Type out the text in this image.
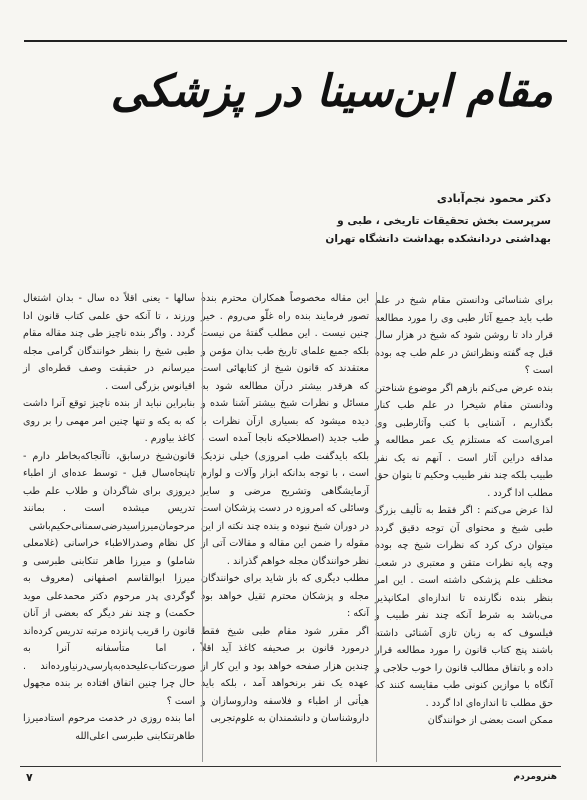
مقام ابن‌سینا در پزشکی
دکتر محمود نجم‌آبادی
سرپرست بخش تحقیقات تاریخی ، طبی و بهداشتی دردانشکده بهداشت دانشگاه تهران

برای شناسائی ودانستن مقام شیخ در علم طب باید جمیع آثار طبی وی را مورد مطالعه قرار داد تا روشن شود که شیخ در هزار سال قبل چه گفته ونظراتش در علم طب چه بوده است ؟

بنده عرض می‌کنم بازهم اگر موضوع شناختن ودانستن مقام شیخرا در علم طب کنار بگذاریم ، آشنایی با کتب وآثارطبی وی امری‌است که مستلزم یک عمر مطالعه و مداقه دراین آثار است . آنهم نه یک نفر طبیب بلکه چند نفر طبیب وحکیم تا بتوان حق مطلب ادا گردد .

لذا عرض می‌کنم : اگر فقط به تألیف بزرگ طبی شیخ و محتوای آن توجه دقیق گردد میتوان درک کرد که نظرات شیخ چه بوده وچه پایه نظرات متقن و معتبری در شعب مختلف علم پزشکی داشته است . این امر بنظر بنده نگارنده تا اندازه‌ای امکانپذیر می‌باشد به شرط آنکه چند نفر طبیب و فیلسوف که به زبان تازی آشنائی داشته باشند پنج کتاب قانون را مورد مطالعه قرار داده و باتفاق مطالب قانون را خوب حلاجی و آنگاه با موازین کنونی طب مقایسه کنند که حق مطلب تا اندازه‌ای ادا گردد .

ممکن است بعضی از خوانندگان

این مقاله مخصوصاً همکاران محترم بنده تصور فرمایند بنده راه غلّو می‌روم . خیر چنین نیست . این مطلب گفتهٔ من نیست بلکه جمیع علمای تاریخ طب بدان مؤمن و معتقدند که قانون شیخ از کتابهائی است که هرقدر بیشتر درآن مطالعه شود به مسائل و نظرات شیخ بیشتر آشنا شده و دیده میشود که بسیاری ازآن نظرات با طب جدید (اصطلاحیکه نابجا آمده است ، بلکه بایدگفت طب امروزی) خیلی نزدیک است ، با توجه بدانکه ابزار وآلات و لوازم آزمایشگاهی وتشریح مرضی و سایر وسائلی که امروزه در دست پزشکان است در دوران شیخ نبوده و بنده چند نکته از این مقوله را ضمن این مقاله و مقالات آتی از نظر خوانندگان مجله خواهم گذراند .

مطلب دیگری که باز شاید برای خوانندگان مجله و پزشکان محترم ثقیل خواهد بود آنکه :

اگر مقرر شود مقام طبی شیخ فقط درمورد قانون بر صحیفه کاغذ آید اقلاً چندین هزار صفحه خواهد بود و این کار از عهده یک نفر برنخواهد آمد ، بلکه باید هیأتی از اطباء و فلاسفه وداروسازان و داروشناسان و دانشمندان به علوم‌تجربی

سالها - یعنی اقلاً ده سال - بدان اشتغال ورزند ، تا آنکه حق علمی کتاب قانون ادا گردد . واگر بنده ناچیز طی چند مقاله مقام طبی شیخ را بنظر خوانندگان گرامی مجله میرسانم در حقیقت وصف قطره‌ای از اقیانوس بزرگی است .

بنابراین نباید از بنده ناچیز توقع آنرا داشت که به یکه و تنها چنین امر مهمی را بر روی کاغذ بیاورم .

قانون‌شیخ درسابق، تاآنجاکه‌بخاطر دارم - تاپنجاه‌سال قبل - توسط عده‌ای از اطباء دیروزی برای شاگردان و طلاب علم طب تدریس میشده است . بمانند مرحومان‌میرزاسیدرضی‌سمنانی‌حکیم‌باشی کل نظام وصدرالاطباء خراسانی (غلامعلی شاملو) و میرزا طاهر تنکابنی طبرسی و میرزا ابوالقاسم اصفهانی (معروف به گوگردی پدر مرحوم دکتر محمدعلی موید حکمت) و چند نفر دیگر که بعضی از آنان قانون را قریب پانزده مرتبه تدریس کرده‌اند ، اما متأسفانه آنرا به صورت‌کتاب‌علیحده‌به‌پارسی‌درنیاورده‌اند . حال چرا چنین اتفاق افتاده بر بنده مجهول است ؟

اما بنده روزی در خدمت مرحوم استادمیرزا طاهرتنکابنی طبرسی اعلی‌الله

۷	هنرومردم
